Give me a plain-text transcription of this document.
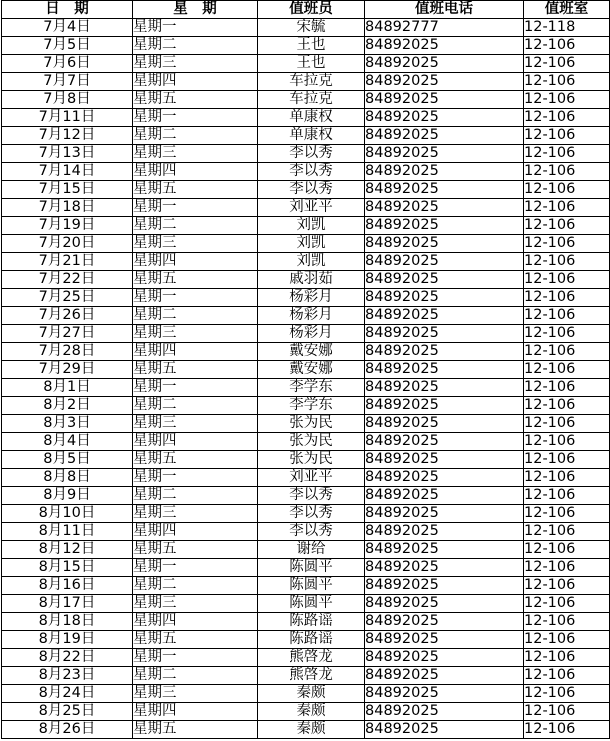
日　期	星　期	值班员	值班电话	值班室
7月4日	星期一	宋毓	84892777	12-118
7月5日	星期二	王也	84892025	12-106
7月6日	星期三	王也	84892025	12-106
7月7日	星期四	车拉克	84892025	12-106
7月8日	星期五	车拉克	84892025	12-106
7月11日	星期一	单康权	84892025	12-106
7月12日	星期二	单康权	84892025	12-106
7月13日	星期三	李以秀	84892025	12-106
7月14日	星期四	李以秀	84892025	12-106
7月15日	星期五	李以秀	84892025	12-106
7月18日	星期一	刘亚平	84892025	12-106
7月19日	星期二	刘凯	84892025	12-106
7月20日	星期三	刘凯	84892025	12-106
7月21日	星期四	刘凯	84892025	12-106
7月22日	星期五	戚羽茹	84892025	12-106
7月25日	星期一	杨彩月	84892025	12-106
7月26日	星期二	杨彩月	84892025	12-106
7月27日	星期三	杨彩月	84892025	12-106
7月28日	星期四	戴安娜	84892025	12-106
7月29日	星期五	戴安娜	84892025	12-106
8月1日	星期一	李学东	84892025	12-106
8月2日	星期二	李学东	84892025	12-106
8月3日	星期三	张为民	84892025	12-106
8月4日	星期四	张为民	84892025	12-106
8月5日	星期五	张为民	84892025	12-106
8月8日	星期一	刘亚平	84892025	12-106
8月9日	星期二	李以秀	84892025	12-106
8月10日	星期三	李以秀	84892025	12-106
8月11日	星期四	李以秀	84892025	12-106
8月12日	星期五	谢给	84892025	12-106
8月15日	星期一	陈圆平	84892025	12-106
8月16日	星期二	陈圆平	84892025	12-106
8月17日	星期三	陈圆平	84892025	12-106
8月18日	星期四	陈路谣	84892025	12-106
8月19日	星期五	陈路谣	84892025	12-106
8月22日	星期一	熊啓龙	84892025	12-106
8月23日	星期二	熊啓龙	84892025	12-106
8月24日	星期三	秦颇	84892025	12-106
8月25日	星期四	秦颇	84892025	12-106
8月26日	星期五	秦颇	84892025	12-106
